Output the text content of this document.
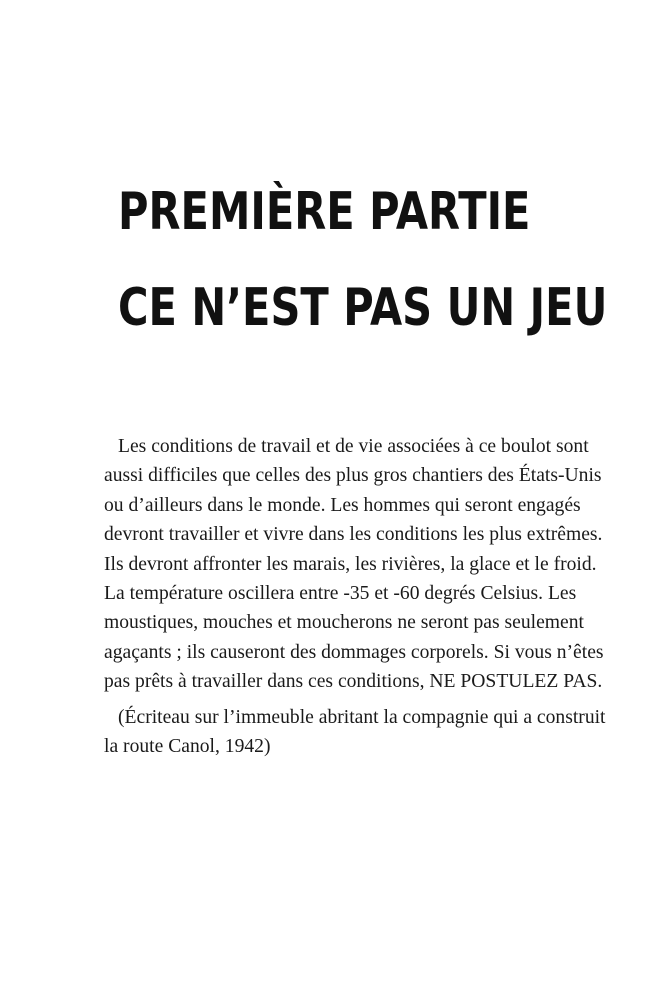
PREMIÈRE PARTIE
CE N’EST PAS UN JEU
Les conditions de travail et de vie associées à ce boulot sont
aussi difficiles que celles des plus gros chantiers des États-Unis
ou d’ailleurs dans le monde. Les hommes qui seront engagés
devront travailler et vivre dans les conditions les plus extrêmes.
Ils devront affronter les marais, les rivières, la glace et le froid.
La température oscillera entre -35 et -60 degrés Celsius. Les
moustiques, mouches et moucherons ne seront pas seulement
agaçants ; ils causeront des dommages corporels. Si vous n’êtes
pas prêts à travailler dans ces conditions, NE POSTULEZ PAS.
(Écriteau sur l’immeuble abritant la compagnie qui a construit
la route Canol, 1942)
